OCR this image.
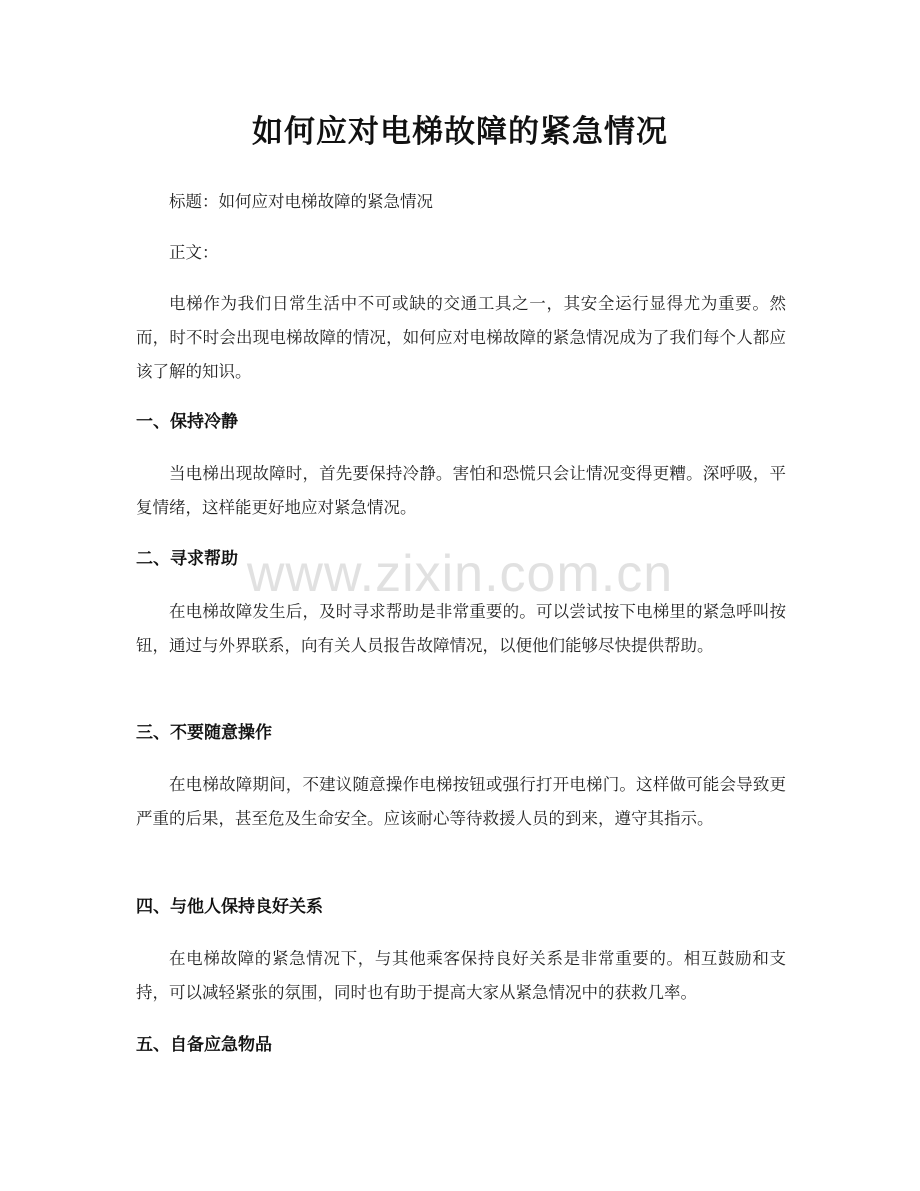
如何应对电梯故障的紧急情况

标题：如何应对电梯故障的紧急情况

正文：

电梯作为我们日常生活中不可或缺的交通工具之一，其安全运行显得尤为重要。然而，时不时会出现电梯故障的情况，如何应对电梯故障的紧急情况成为了我们每个人都应该了解的知识。

一、保持冷静

当电梯出现故障时，首先要保持冷静。害怕和恐慌只会让情况变得更糟。深呼吸，平复情绪，这样能更好地应对紧急情况。

二、寻求帮助

在电梯故障发生后，及时寻求帮助是非常重要的。可以尝试按下电梯里的紧急呼叫按钮，通过与外界联系，向有关人员报告故障情况，以便他们能够尽快提供帮助。

三、不要随意操作

在电梯故障期间，不建议随意操作电梯按钮或强行打开电梯门。这样做可能会导致更严重的后果，甚至危及生命安全。应该耐心等待救援人员的到来，遵守其指示。

四、与他人保持良好关系

在电梯故障的紧急情况下，与其他乘客保持良好关系是非常重要的。相互鼓励和支持，可以减轻紧张的氛围，同时也有助于提高大家从紧急情况中的获救几率。

五、自备应急物品
www.zixin.com.cn
